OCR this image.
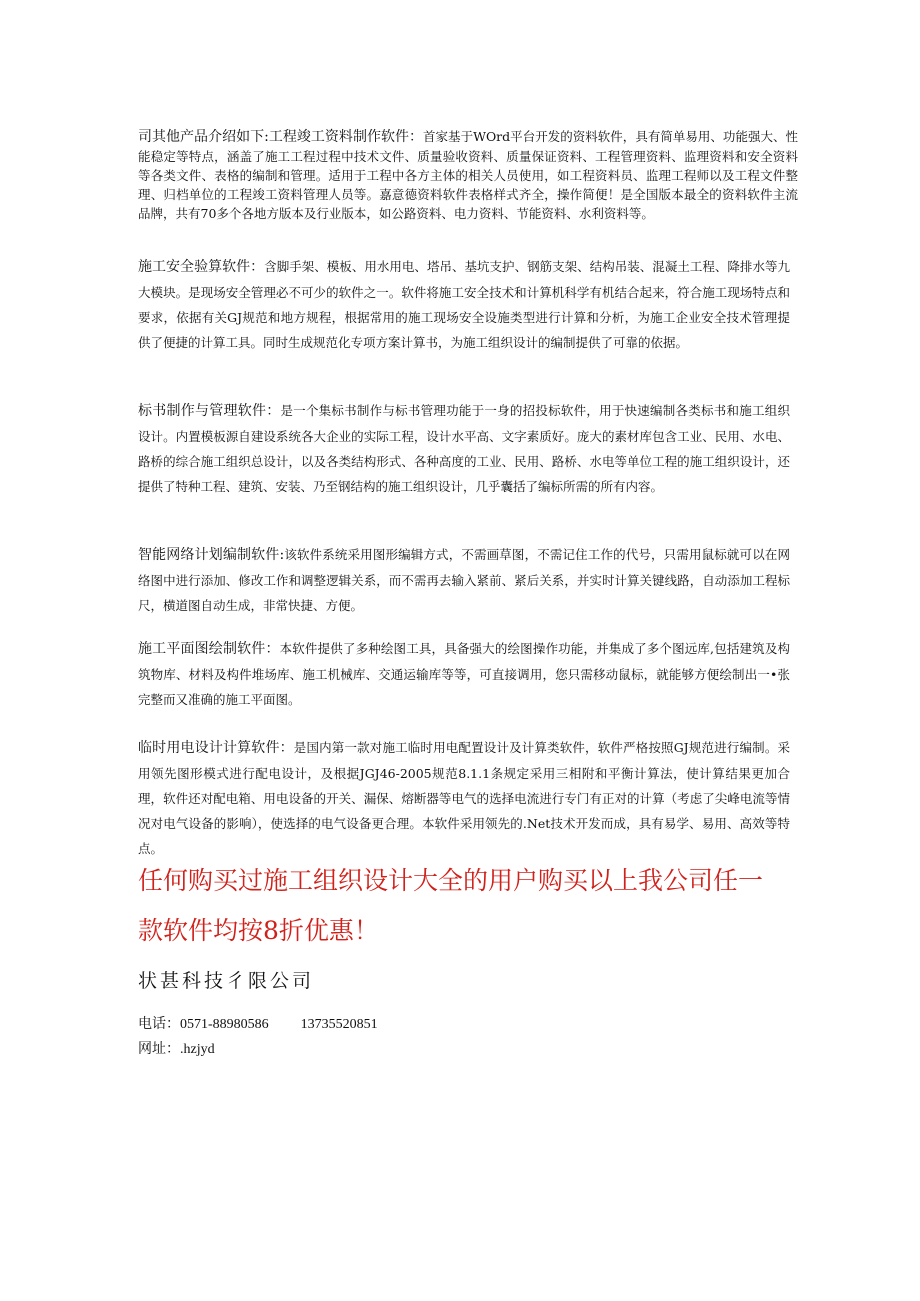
司其他产品介绍如下:工程竣工资料制作软件：首家基于WOrd平台开发的资料软件，具有简单易用、功能强大、性能稳定等特点，涵盖了施工工程过程中技术文件、质量验收资料、质量保证资料、工程管理资料、监理资料和安全资料等各类文件、表格的编制和管理。适用于工程中各方主体的相关人员使用，如工程资料员、监理工程师以及工程文件整理、归档单位的工程竣工资料管理人员等。嘉意德资料软件表格样式齐全，操作简便！是全国版本最全的资料软件主流品牌，共有70多个各地方版本及行业版本，如公路资料、电力资料、节能资料、水利资料等。

施工安全验算软件：含脚手架、模板、用水用电、塔吊、基坑支护、钢筋支架、结构吊装、混凝土工程、降排水等九大模块。是现场安全管理必不可少的软件之一。软件将施工安全技术和计算机科学有机结合起来，符合施工现场特点和要求，依据有关GJ规范和地方规程，根据常用的施工现场安全设施类型进行计算和分析，为施工企业安全技术管理提供了便捷的计算工具。同时生成规范化专项方案计算书，为施工组织设计的编制提供了可靠的依据。

标书制作与管理软件：是一个集标书制作与标书管理功能于一身的招投标软件，用于快速编制各类标书和施工组织设计。内置模板源自建设系统各大企业的实际工程，设计水平高、文字素质好。庞大的素材库包含工业、民用、水电、路桥的综合施工组织总设计，以及各类结构形式、各种高度的工业、民用、路桥、水电等单位工程的施工组织设计，还提供了特种工程、建筑、安装、乃至钢结构的施工组织设计，几乎囊括了编标所需的所有内容。

智能网络计划编制软件:该软件系统采用图形编辑方式，不需画草图，不需记住工作的代号，只需用鼠标就可以在网络图中进行添加、修改工作和调整逻辑关系，而不需再去输入紧前、紧后关系，并实时计算关键线路，自动添加工程标尺，横道图自动生成，非常快捷、方便。

施工平面图绘制软件：本软件提供了多种绘图工具，具备强大的绘图操作功能，并集成了多个图远库,包括建筑及构筑物库、材料及构件堆场库、施工机械库、交通运输库等等，可直接调用，您只需移动鼠标，就能够方便绘制出一•张完整而又准确的施工平面图。

临时用电设计计算软件：是国内第一款对施工临时用电配置设计及计算类软件，软件严格按照GJ规范进行编制。采用领先图形模式进行配电设计，及根据JGJ46-2005规范8.1.1条规定采用三相附和平衡计算法，使计算结果更加合理，软件还对配电箱、用电设备的开关、漏保、熔断器等电气的选择电流进行专门有正对的计算（考虑了尖峰电流等情况对电气设备的影响），使选择的电气设备更合理。本软件采用领先的.Net技术开发而成，具有易学、易用、高效等特点。

任何购买过施工组织设计大全的用户购买以上我公司任一

款软件均按8折优惠！

状甚科技彳限公司

电话：0571-88980586 13735520851

网址：.hzjyd
